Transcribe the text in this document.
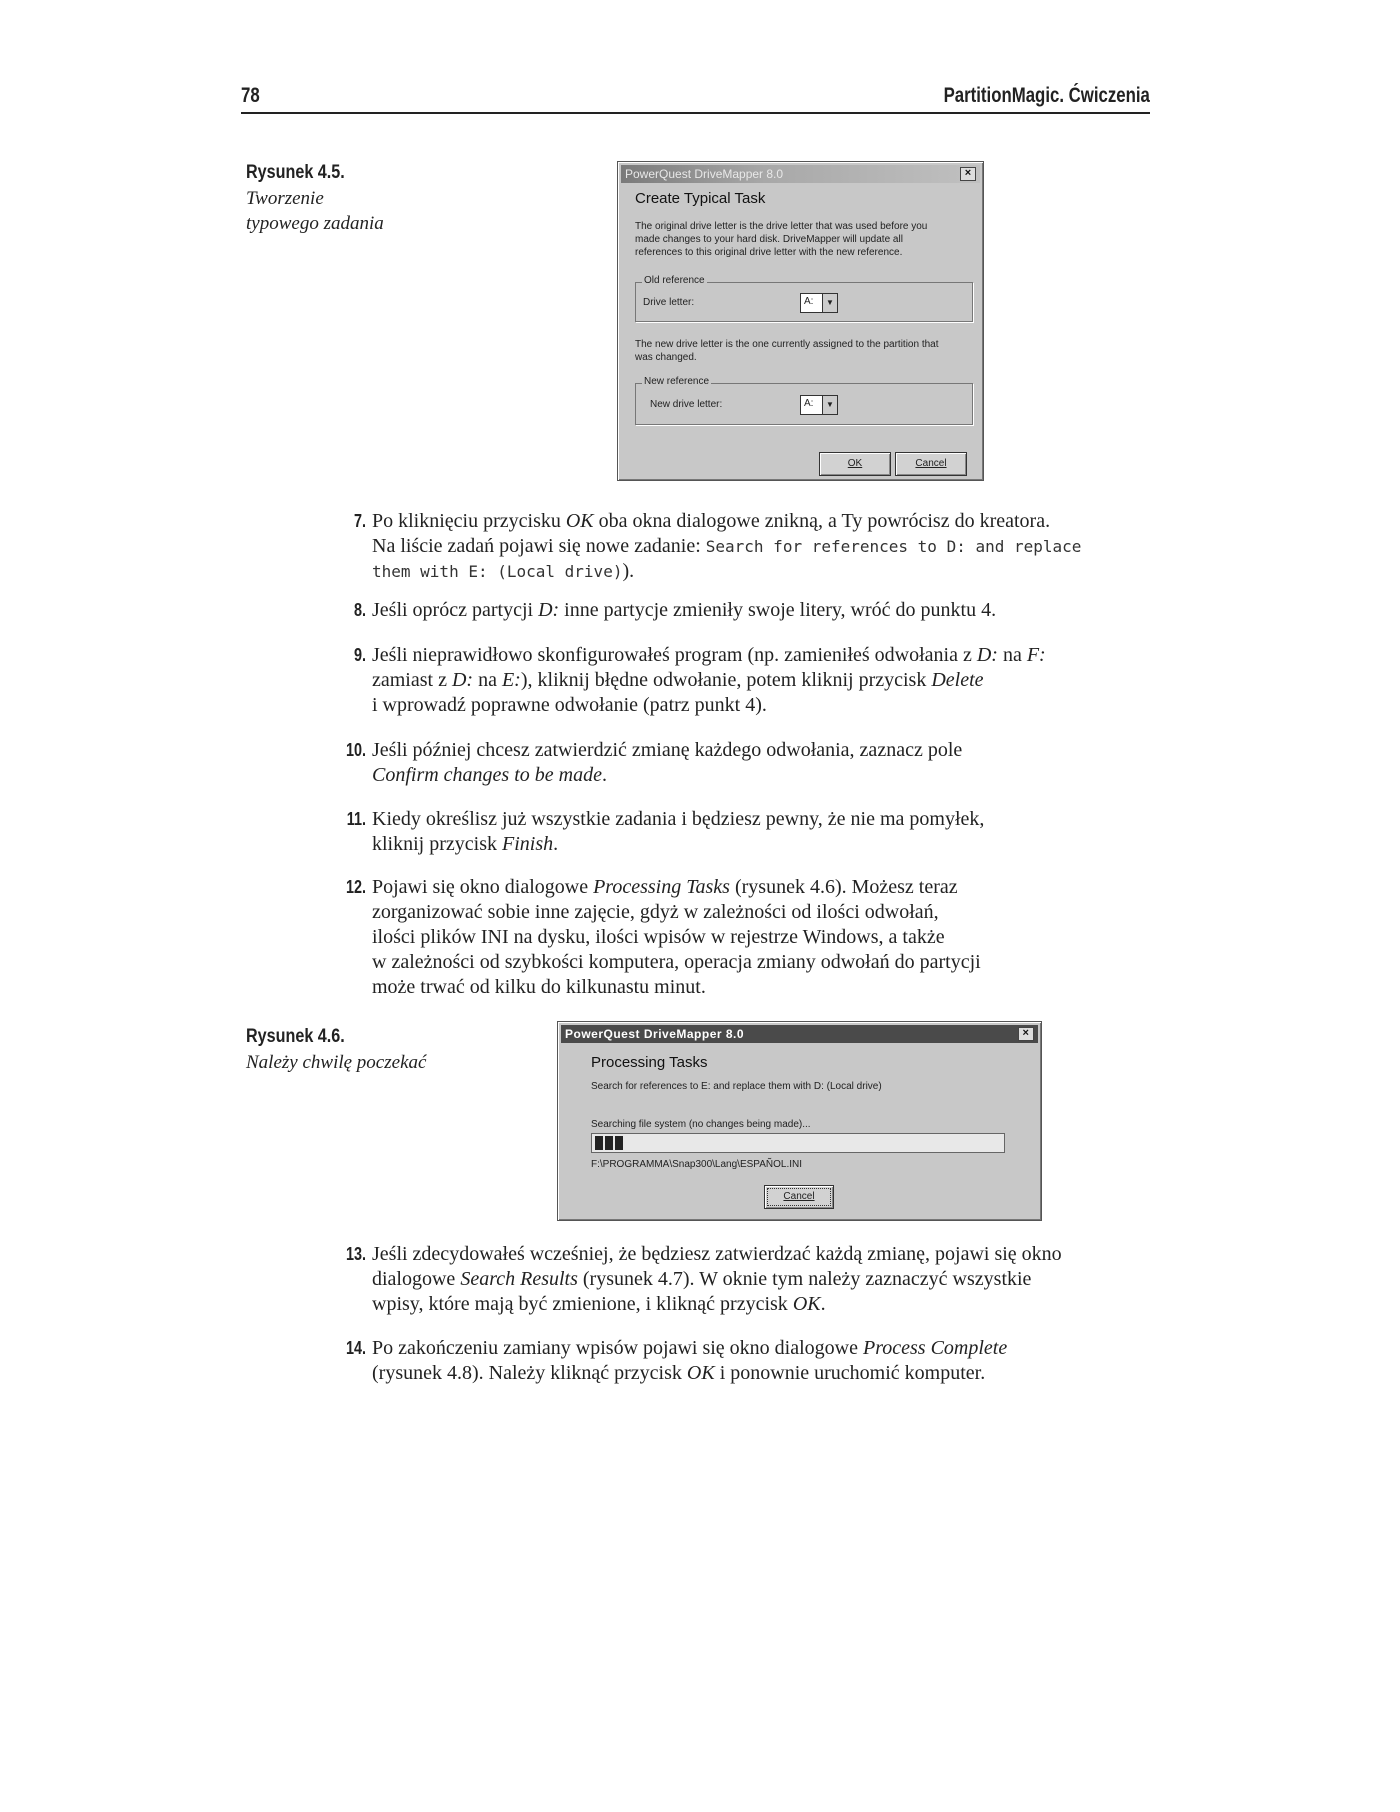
78	PartitionMagic. Ćwiczenia
Rysunek 4.5.
Tworzenie
typowego zadania
PowerQuest DriveMapper 8.0	×
Create Typical Task
The original drive letter is the drive letter that was used before you
made changes to your hard disk. DriveMapper will update all
references to this original drive letter with the new reference.
Old reference
Drive letter:	A:	▼
The new drive letter is the one currently assigned to the partition that
was changed.
New reference
New drive letter:	A:	▼
OK	Cancel
7. Po kliknięciu przycisku OK oba okna dialogowe znikną, a Ty powrócisz do kreatora.
Na liście zadań pojawi się nowe zadanie: Search for references to D: and replace
them with E: (Local drive)).
8. Jeśli oprócz partycji D: inne partycje zmieniły swoje litery, wróć do punktu 4.
9. Jeśli nieprawidłowo skonfigurowałeś program (np. zamieniłeś odwołania z D: na F:
zamiast z D: na E:), kliknij błędne odwołanie, potem kliknij przycisk Delete
i wprowadź poprawne odwołanie (patrz punkt 4).
10. Jeśli później chcesz zatwierdzić zmianę każdego odwołania, zaznacz pole
Confirm changes to be made.
11. Kiedy określisz już wszystkie zadania i będziesz pewny, że nie ma pomyłek,
kliknij przycisk Finish.
12. Pojawi się okno dialogowe Processing Tasks (rysunek 4.6). Możesz teraz
zorganizować sobie inne zajęcie, gdyż w zależności od ilości odwołań,
ilości plików INI na dysku, ilości wpisów w rejestrze Windows, a także
w zależności od szybkości komputera, operacja zmiany odwołań do partycji
może trwać od kilku do kilkunastu minut.
Rysunek 4.6.
Należy chwilę poczekać
PowerQuest DriveMapper 8.0	×
Processing Tasks
Search for references to E: and replace them with D: (Local drive)
Searching file system (no changes being made)...
F:\PROGRAMMA\Snap300\Lang\ESPAÑOL.INI
Cancel
13. Jeśli zdecydowałeś wcześniej, że będziesz zatwierdzać każdą zmianę, pojawi się okno
dialogowe Search Results (rysunek 4.7). W oknie tym należy zaznaczyć wszystkie
wpisy, które mają być zmienione, i kliknąć przycisk OK.
14. Po zakończeniu zamiany wpisów pojawi się okno dialogowe Process Complete
(rysunek 4.8). Należy kliknąć przycisk OK i ponownie uruchomić komputer.
